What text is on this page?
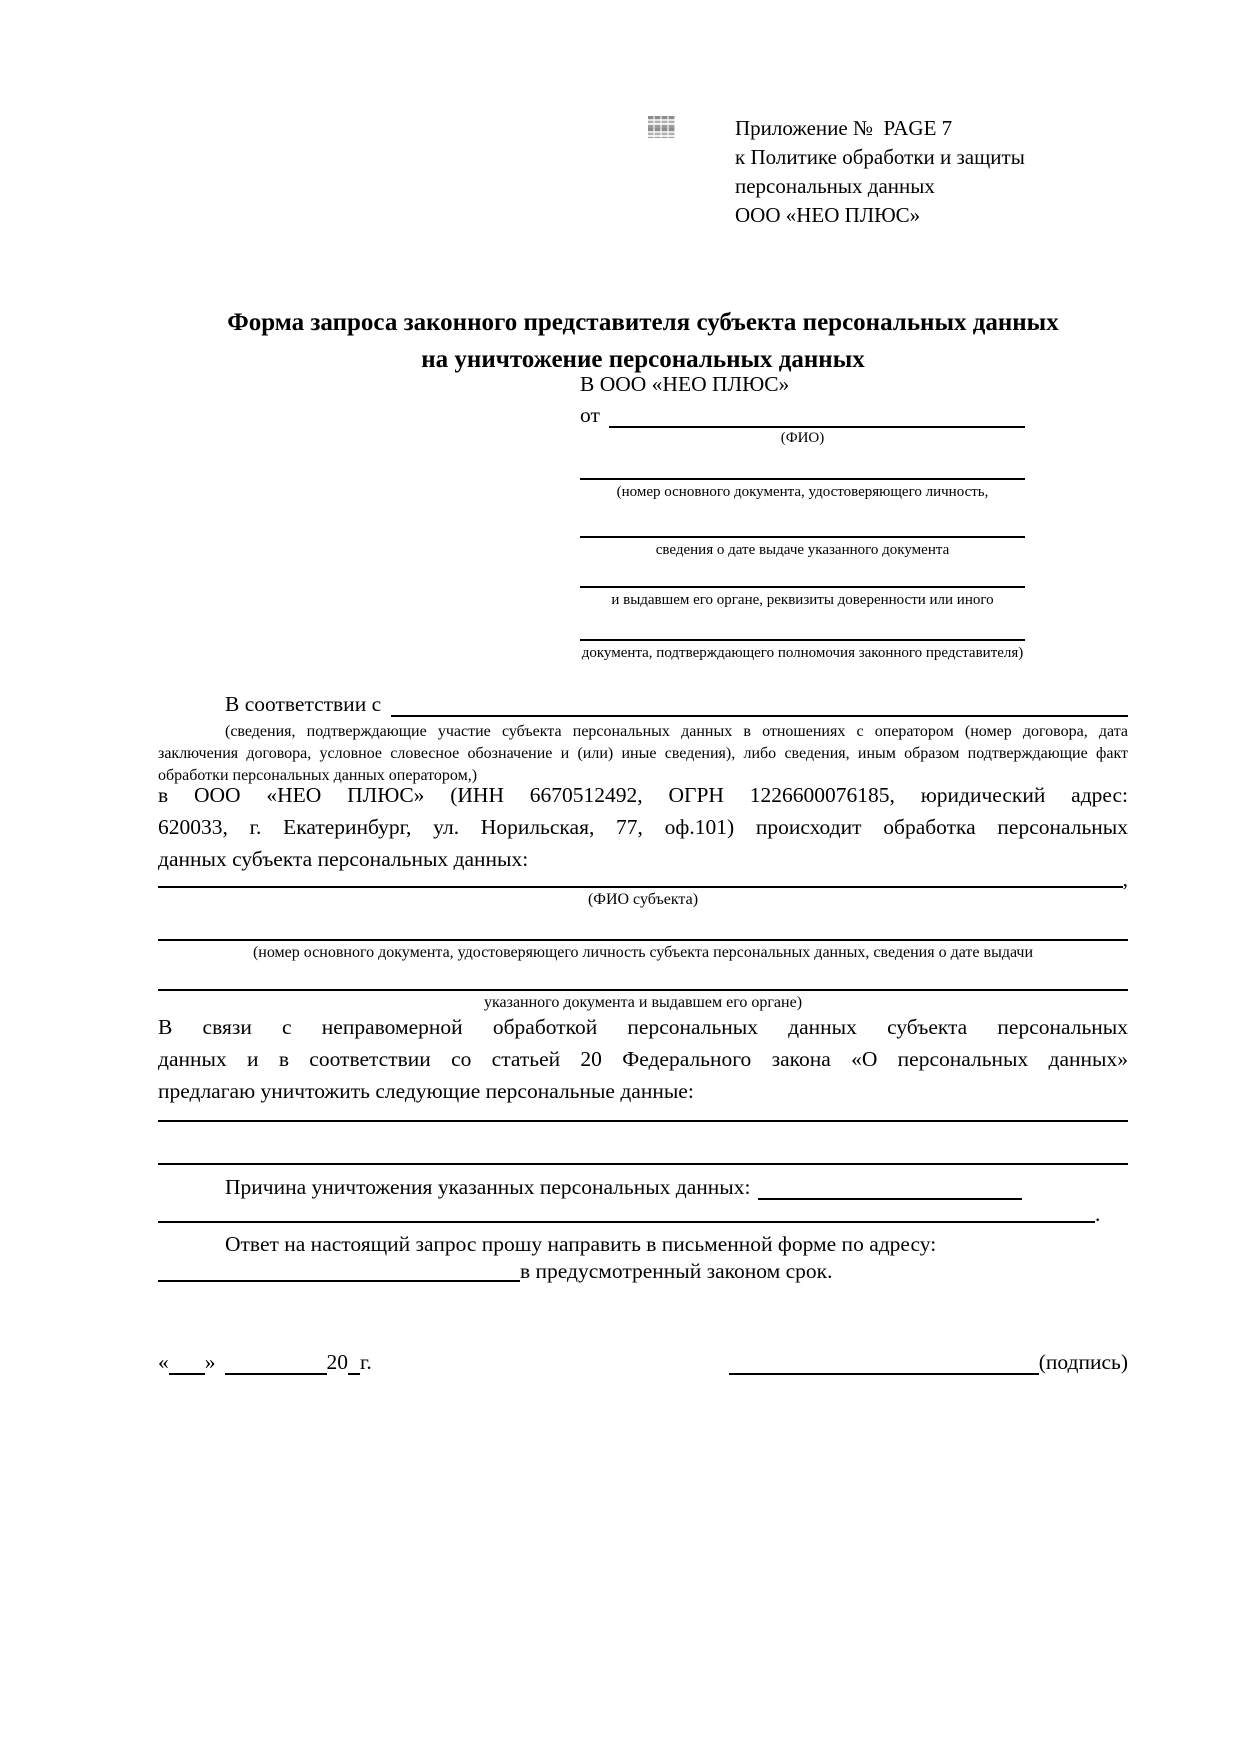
Приложение №  PAGE 7
к Политике обработки и защиты
персональных данных
ООО «НЕО ПЛЮС»
Форма запроса законного представителя субъекта персональных данных
на уничтожение персональных данных
В ООО «НЕО ПЛЮС»
от
(ФИО)
(номер основного документа, удостоверяющего личность,
сведения о дате выдаче указанного документа
и выдавшем его органе, реквизиты доверенности или иного
документа, подтверждающего полномочия законного представителя)
В соответствии с
(сведения, подтверждающие участие субъекта персональных данных в отношениях с оператором (номер договора, дата
заключения договора, условное словесное обозначение и (или) иные сведения), либо сведения, иным образом подтверждающие факт
обработки персональных данных оператором,)
в ООО «НЕО ПЛЮС» (ИНН 6670512492, ОГРН 1226600076185, юридический адрес:
620033, г. Екатеринбург, ул. Норильская, 77, оф.101) происходит обработка персональных
данных субъекта персональных данных:
,
(ФИО субъекта)
(номер основного документа, удостоверяющего личность субъекта персональных данных, сведения о дате выдачи
указанного документа и выдавшем его органе)
В связи с неправомерной обработкой персональных данных субъекта персональных
данных и в соответствии со статьей 20 Федерального закона «О персональных данных»
предлагаю уничтожить следующие персональные данные:
Причина уничтожения указанных персональных данных:
.
Ответ на настоящий запрос прошу направить в письменной форме по адресу:
в предусмотренный законом срок.
« »	20 г.	(подпись)
